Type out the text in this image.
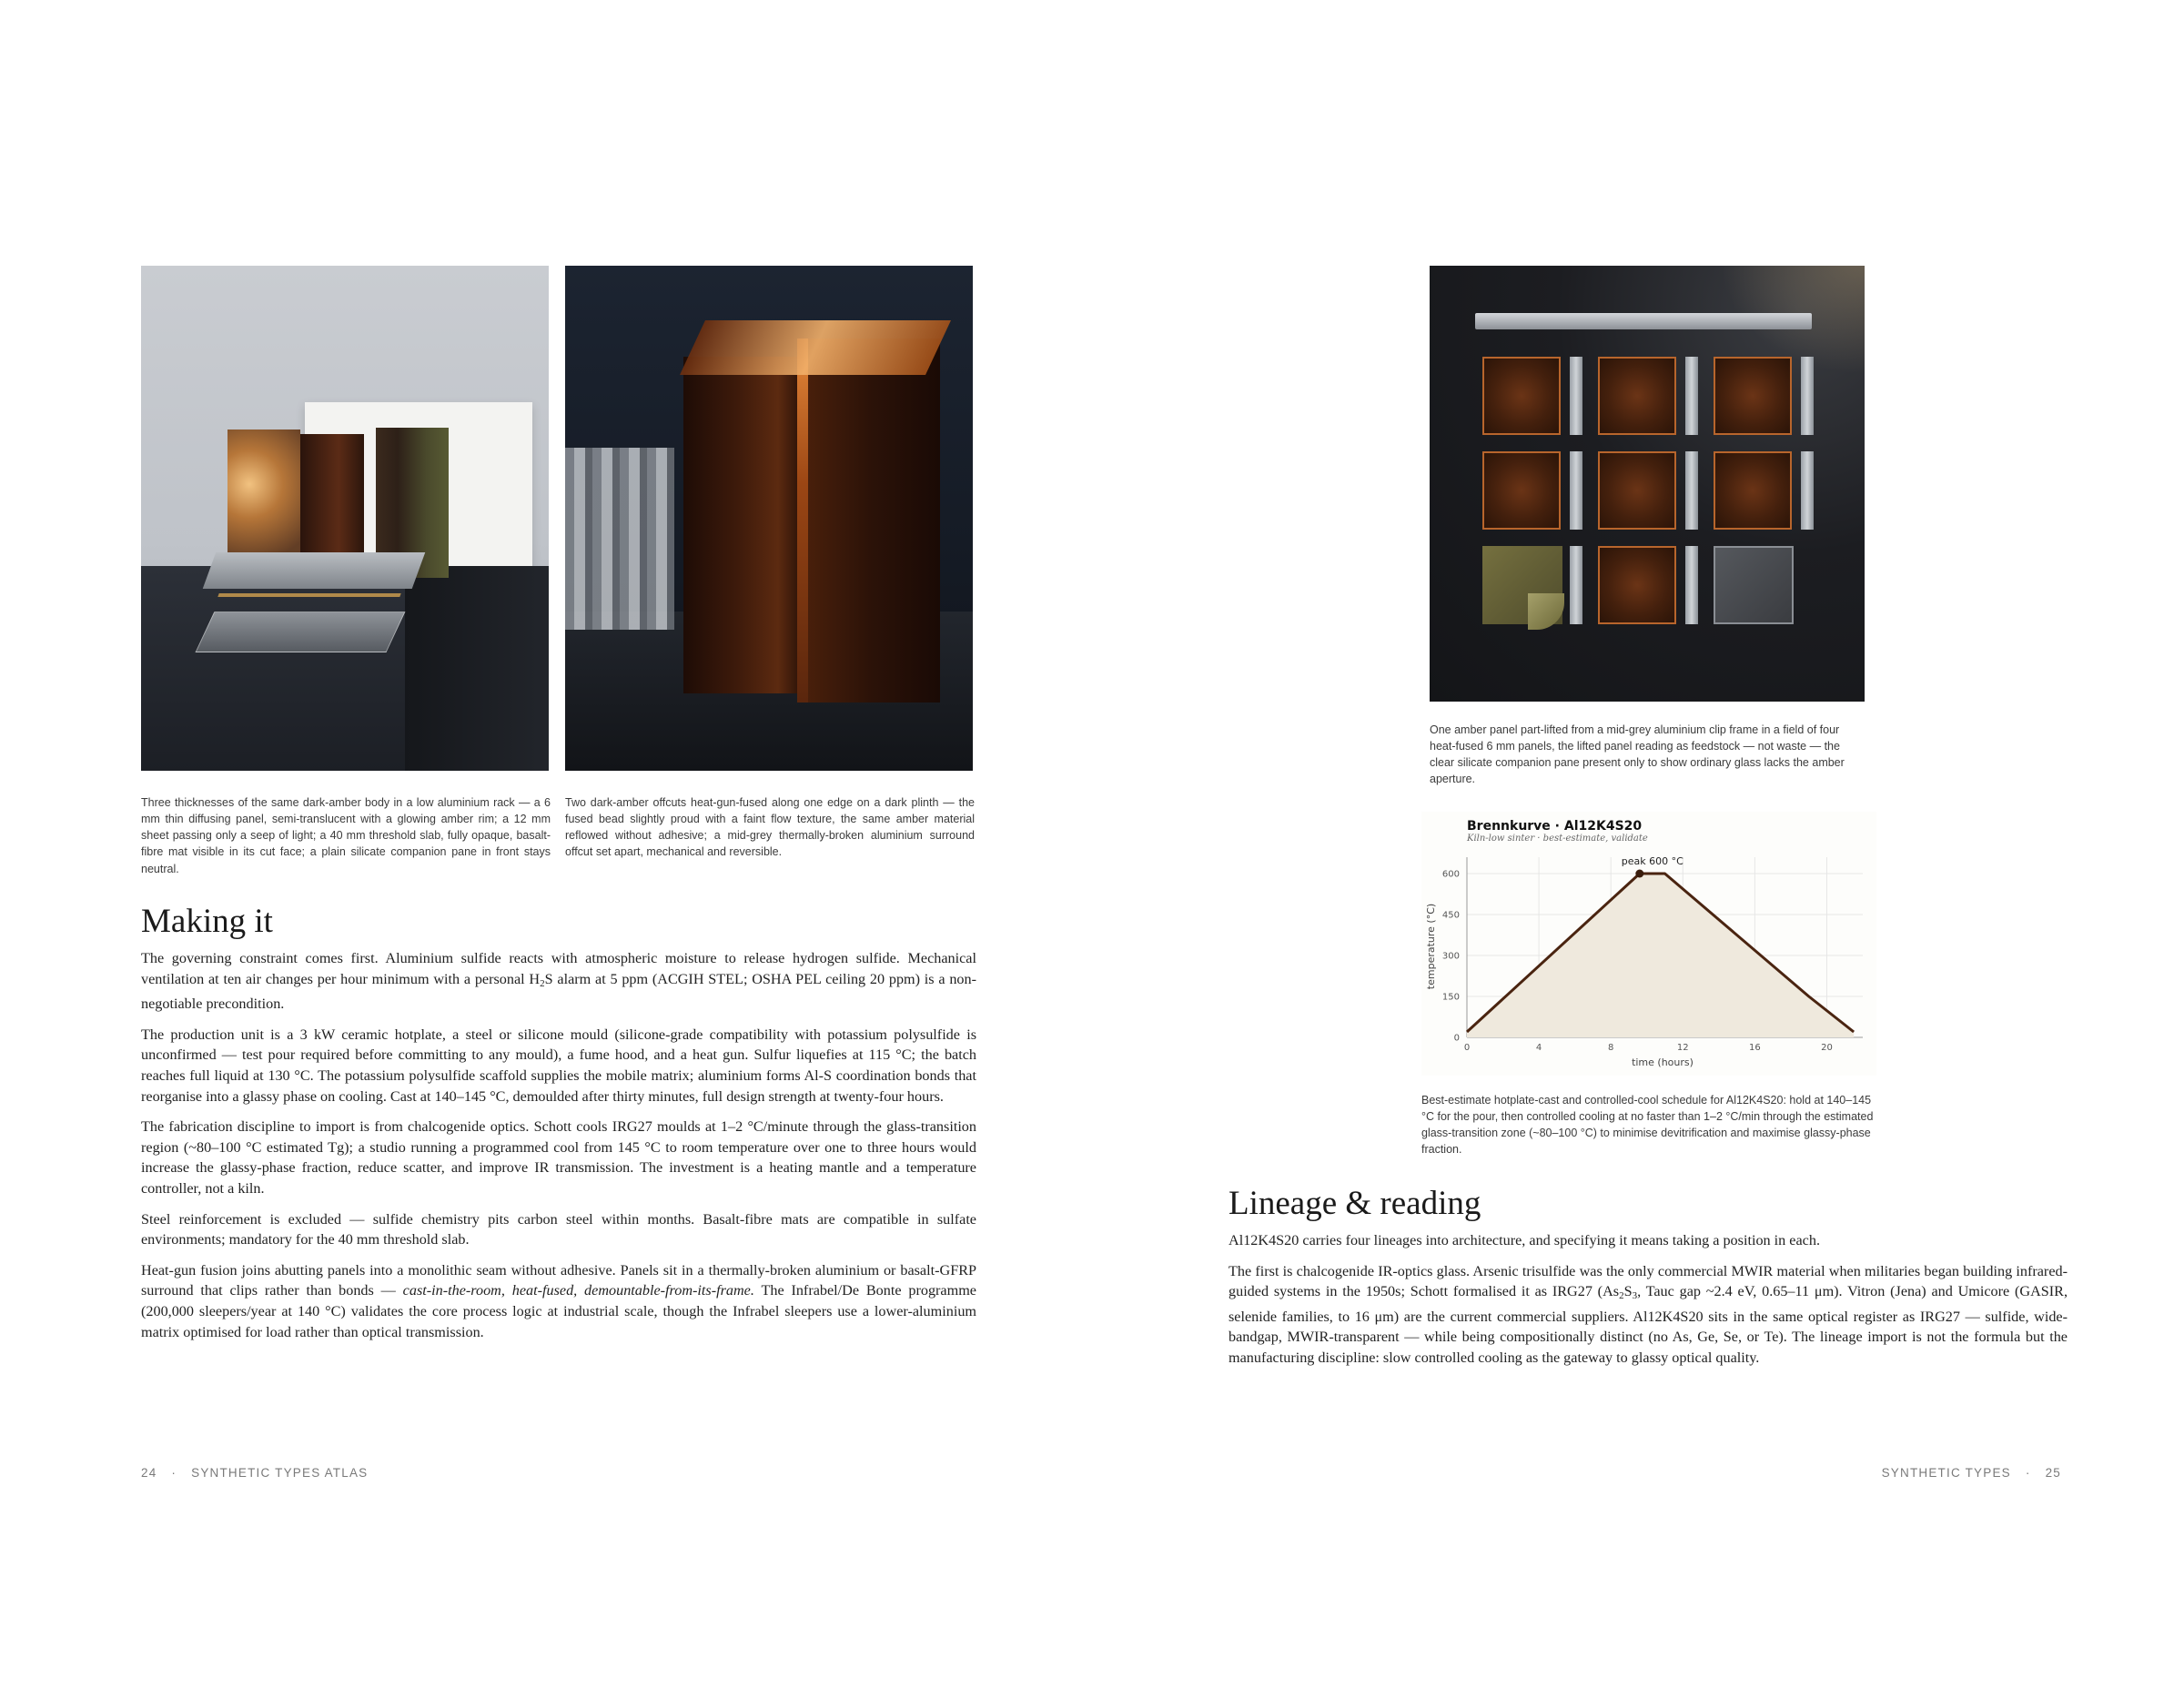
Three thicknesses of the same dark-amber body in a low aluminium rack — a 6 mm thin diffusing panel, semi-translucent with a glowing amber rim; a 12 mm sheet passing only a seep of light; a 40 mm threshold slab, fully opaque, basalt-fibre mat visible in its cut face; a plain silicate companion pane in front stays neutral.
Two dark-amber offcuts heat-gun-fused along one edge on a dark plinth — the fused bead slightly proud with a faint flow texture, the same amber material reflowed without adhesive; a mid-grey thermally-broken aluminium surround offcut set apart, mechanical and reversible.
Making it

The governing constraint comes first. Aluminium sulfide reacts with atmospheric moisture to release hydrogen sulfide. Mechanical ventilation at ten air changes per hour minimum with a personal $H_2S$ alarm at 5 ppm (ACGIH STEL; OSHA PEL ceiling 20 ppm) is a non-negotiable precondition.

The production unit is a 3 kW ceramic hotplate, a steel or silicone mould (silicone-grade compatibility with potassium polysulfide is unconfirmed — test pour required before committing to any mould), a fume hood, and a heat gun. Sulfur liquefies at 115 °C; the batch reaches full liquid at 130 °C. The potassium polysulfide scaffold supplies the mobile matrix; aluminium forms Al-S coordination bonds that reorganise into a glassy phase on cooling. Cast at 140–145 °C, demoulded after thirty minutes, full design strength at twenty-four hours.

The fabrication discipline to import is from chalcogenide optics. Schott cools IRG27 moulds at 1–2 °C/minute through the glass-transition region (~80–100 °C estimated Tg); a studio running a programmed cool from 145 °C to room temperature over one to three hours would increase the glassy-phase fraction, reduce scatter, and improve IR transmission. The investment is a heating mantle and a temperature controller, not a kiln.

Steel reinforcement is excluded — sulfide chemistry pits carbon steel within months. Basalt-fibre mats are compatible in sulfate environments; mandatory for the 40 mm threshold slab.

Heat-gun fusion joins abutting panels into a monolithic seam without adhesive. Panels sit in a thermally-broken aluminium or basalt-GFRP surround that clips rather than bonds — cast-in-the-room, heat-fused, demountable-from-its-frame. The Infrabel/De Bonte programme (200,000 sleepers/year at 140 °C) validates the core process logic at industrial scale, though the Infrabel sleepers use a lower-aluminium matrix optimised for load rather than optical transmission.

24 · SYNTHETIC TYPES ATLAS
One amber panel part-lifted from a mid-grey aluminium clip frame in a field of four heat-fused 6 mm panels, the lifted panel reading as feedstock — not waste — the clear silicate companion pane present only to show ordinary glass lacks the amber aperture.
peak 600 °C
Brennkurve · Al12K4S20
Kiln-low sinter · best-estimate, validate
0	4	8	12	16	20
0
150
300
450
600
time (hours)
temperature (°C)
Best-estimate hotplate-cast and controlled-cool schedule for Al12K4S20: hold at 140–145 °C for the pour, then controlled cooling at no faster than 1–2 °C/min through the estimated glass-transition zone (~80–100 °C) to minimise devitrification and maximise glassy-phase fraction.
Lineage & reading

Al12K4S20 carries four lineages into architecture, and specifying it means taking a position in each.

The first is chalcogenide IR-optics glass. Arsenic trisulfide was the only commercial MWIR material when militaries began building infrared-guided systems in the 1950s; Schott formalised it as IRG27 ($As_2S_3$, Tauc gap ~2.4 eV, 0.65–11 μm). Vitron (Jena) and Umicore (GASIR, selenide families, to 16 μm) are the current commercial suppliers. Al12K4S20 sits in the same optical register as IRG27 — sulfide, wide-bandgap, MWIR-transparent — while being compositionally distinct (no As, Ge, Se, or Te). The lineage import is not the formula but the manufacturing discipline: slow controlled cooling as the gateway to glassy optical quality.

SYNTHETIC TYPES · 25
